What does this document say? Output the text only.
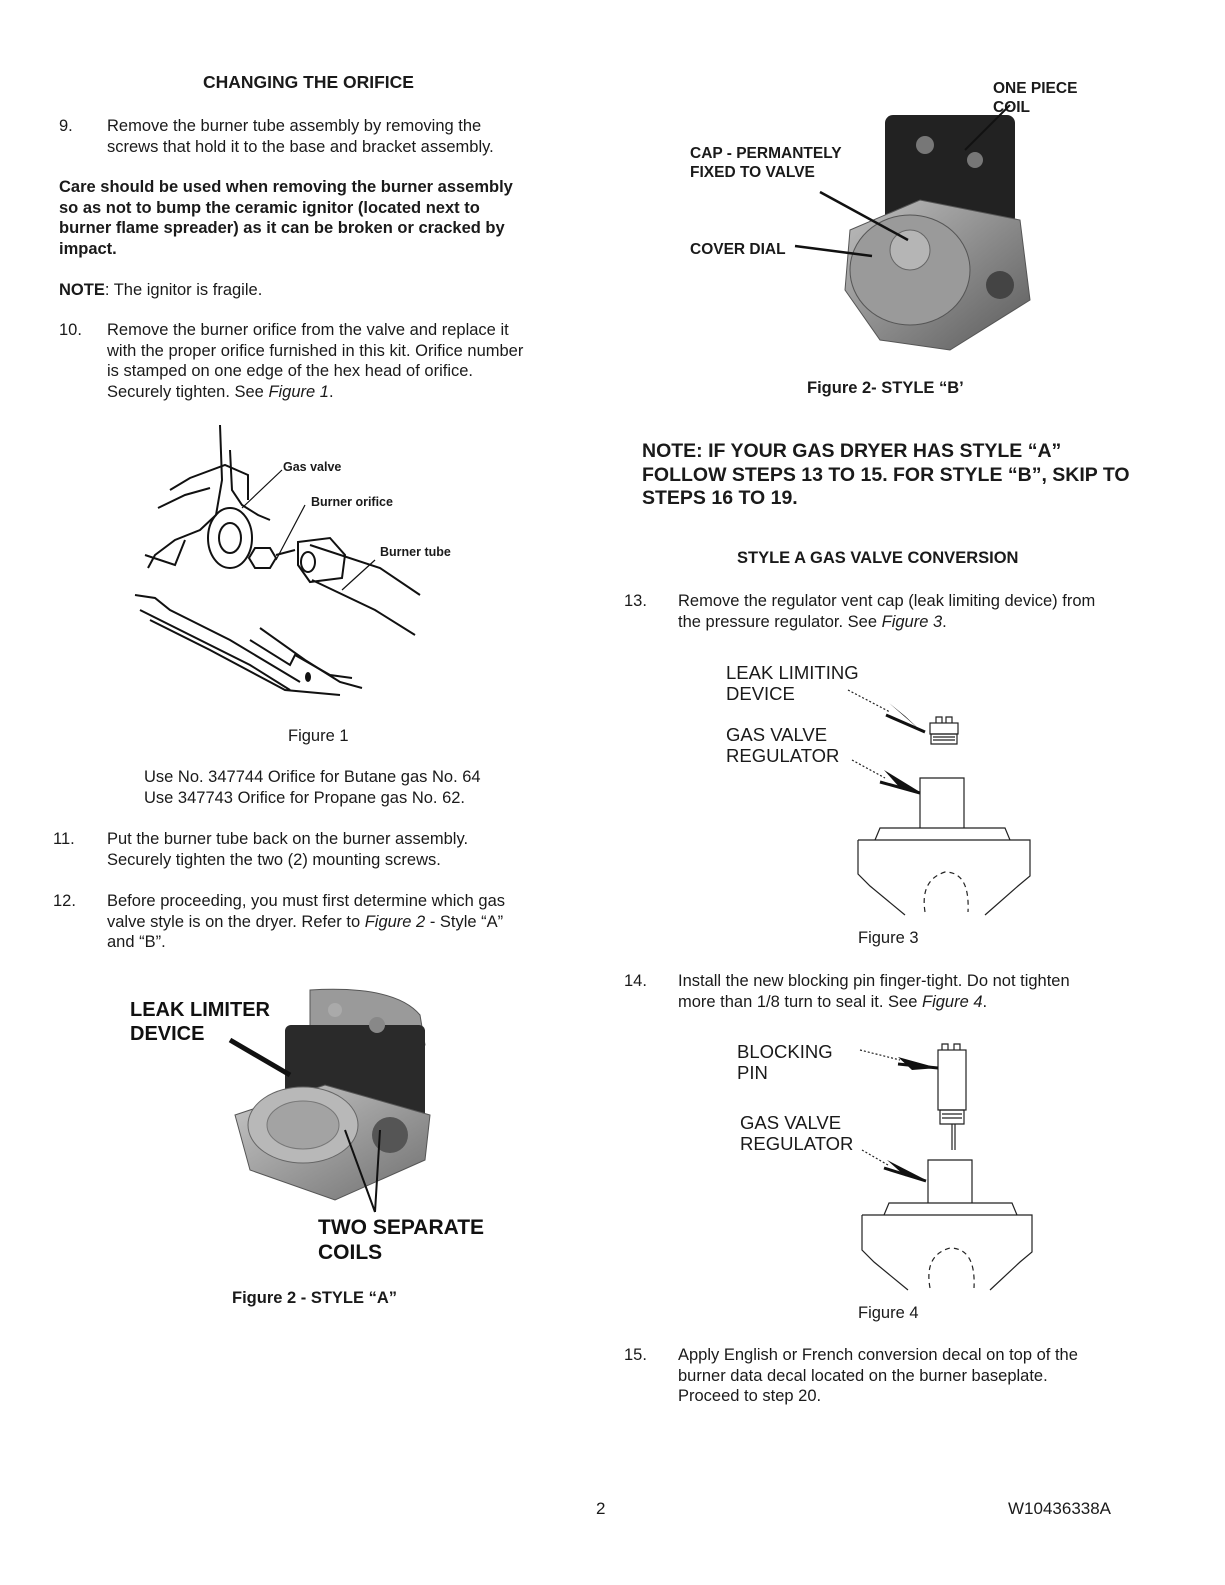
CHANGING THE ORIFICE
9. Remove the burner tube assembly by removing the
screws that hold it to the base and bracket assembly.
Care should be used when removing the burner assembly
so as not to bump the ceramic ignitor (located next to
burner flame spreader) as it can be broken or cracked by
impact.
NOTE: The ignitor is fragile.
10. Remove the burner orifice from the valve and replace it
with the proper orifice furnished in this kit. Orifice number
is stamped on one edge of the hex head of orifice.
Securely tighten. See Figure 1.
Gas valve
Burner orifice
Burner tube
Figure 1
Use No. 347744 Orifice for Butane gas No. 64
Use 347743 Orifice for Propane gas No. 62.
11. Put the burner tube back on the burner assembly.
Securely tighten the two (2) mounting screws.
12. Before proceeding, you must first determine which gas
valve style is on the dryer. Refer to Figure 2 - Style “A”
and “B”.
LEAK LIMITER
DEVICE
TWO SEPARATE
COILS
Figure 2 - STYLE “A”
ONE PIECE
COIL
CAP - PERMANTELY
FIXED TO VALVE
COVER DIAL
Figure 2- STYLE “B’
NOTE: IF YOUR GAS DRYER HAS STYLE “A”
FOLLOW STEPS 13 TO 15. FOR STYLE “B”, SKIP TO
STEPS 16 TO 19.
STYLE A GAS VALVE CONVERSION
13. Remove the regulator vent cap (leak limiting device) from
the pressure regulator. See Figure 3.
LEAK LIMITING
DEVICE
GAS VALVE
REGULATOR
Figure 3
14. Install the new blocking pin finger-tight. Do not tighten
more than 1/8 turn to seal it. See Figure 4.
BLOCKING
PIN
GAS VALVE
REGULATOR
Figure 4
15. Apply English or French conversion decal on top of the
burner data decal located on the burner baseplate.
Proceed to step 20.
2	W10436338A
